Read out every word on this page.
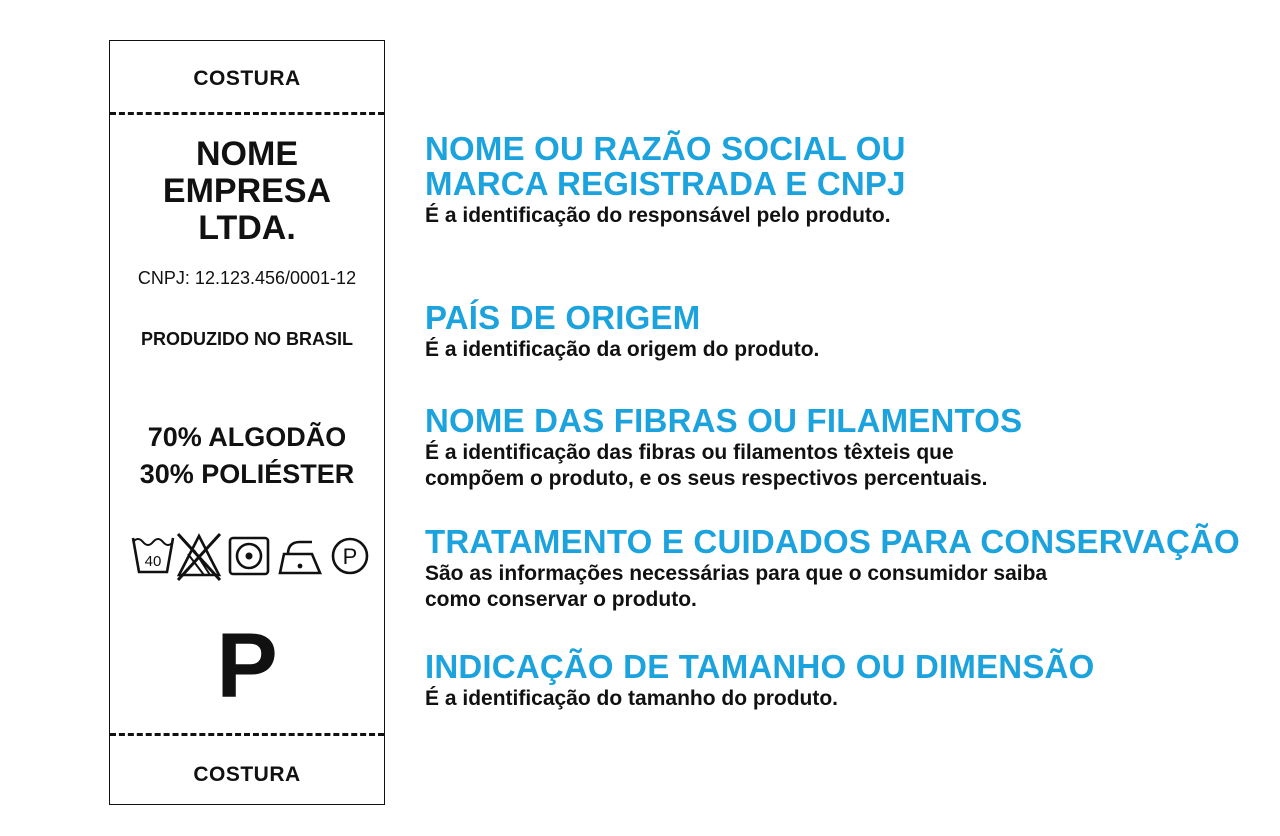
COSTURA
NOME
EMPRESA
LTDA.
CNPJ: 12.123.456/0001-12
PRODUZIDO NO BRASIL
70% ALGODÃO
30% POLIÉSTER
40	P
P
COSTURA
NOME OU RAZÃO SOCIAL OU
MARCA REGISTRADA E CNPJ

É a identificação do responsável pelo produto.

PAÍS DE ORIGEM

É a identificação da origem do produto.

NOME DAS FIBRAS OU FILAMENTOS

É a identificação das fibras ou filamentos têxteis que
compõem o produto, e os seus respectivos percentuais.

TRATAMENTO E CUIDADOS PARA CONSERVAÇÃO

São as informações necessárias para que o consumidor saiba
como conservar o produto.

INDICAÇÃO DE TAMANHO OU DIMENSÃO

É a identificação do tamanho do produto.
